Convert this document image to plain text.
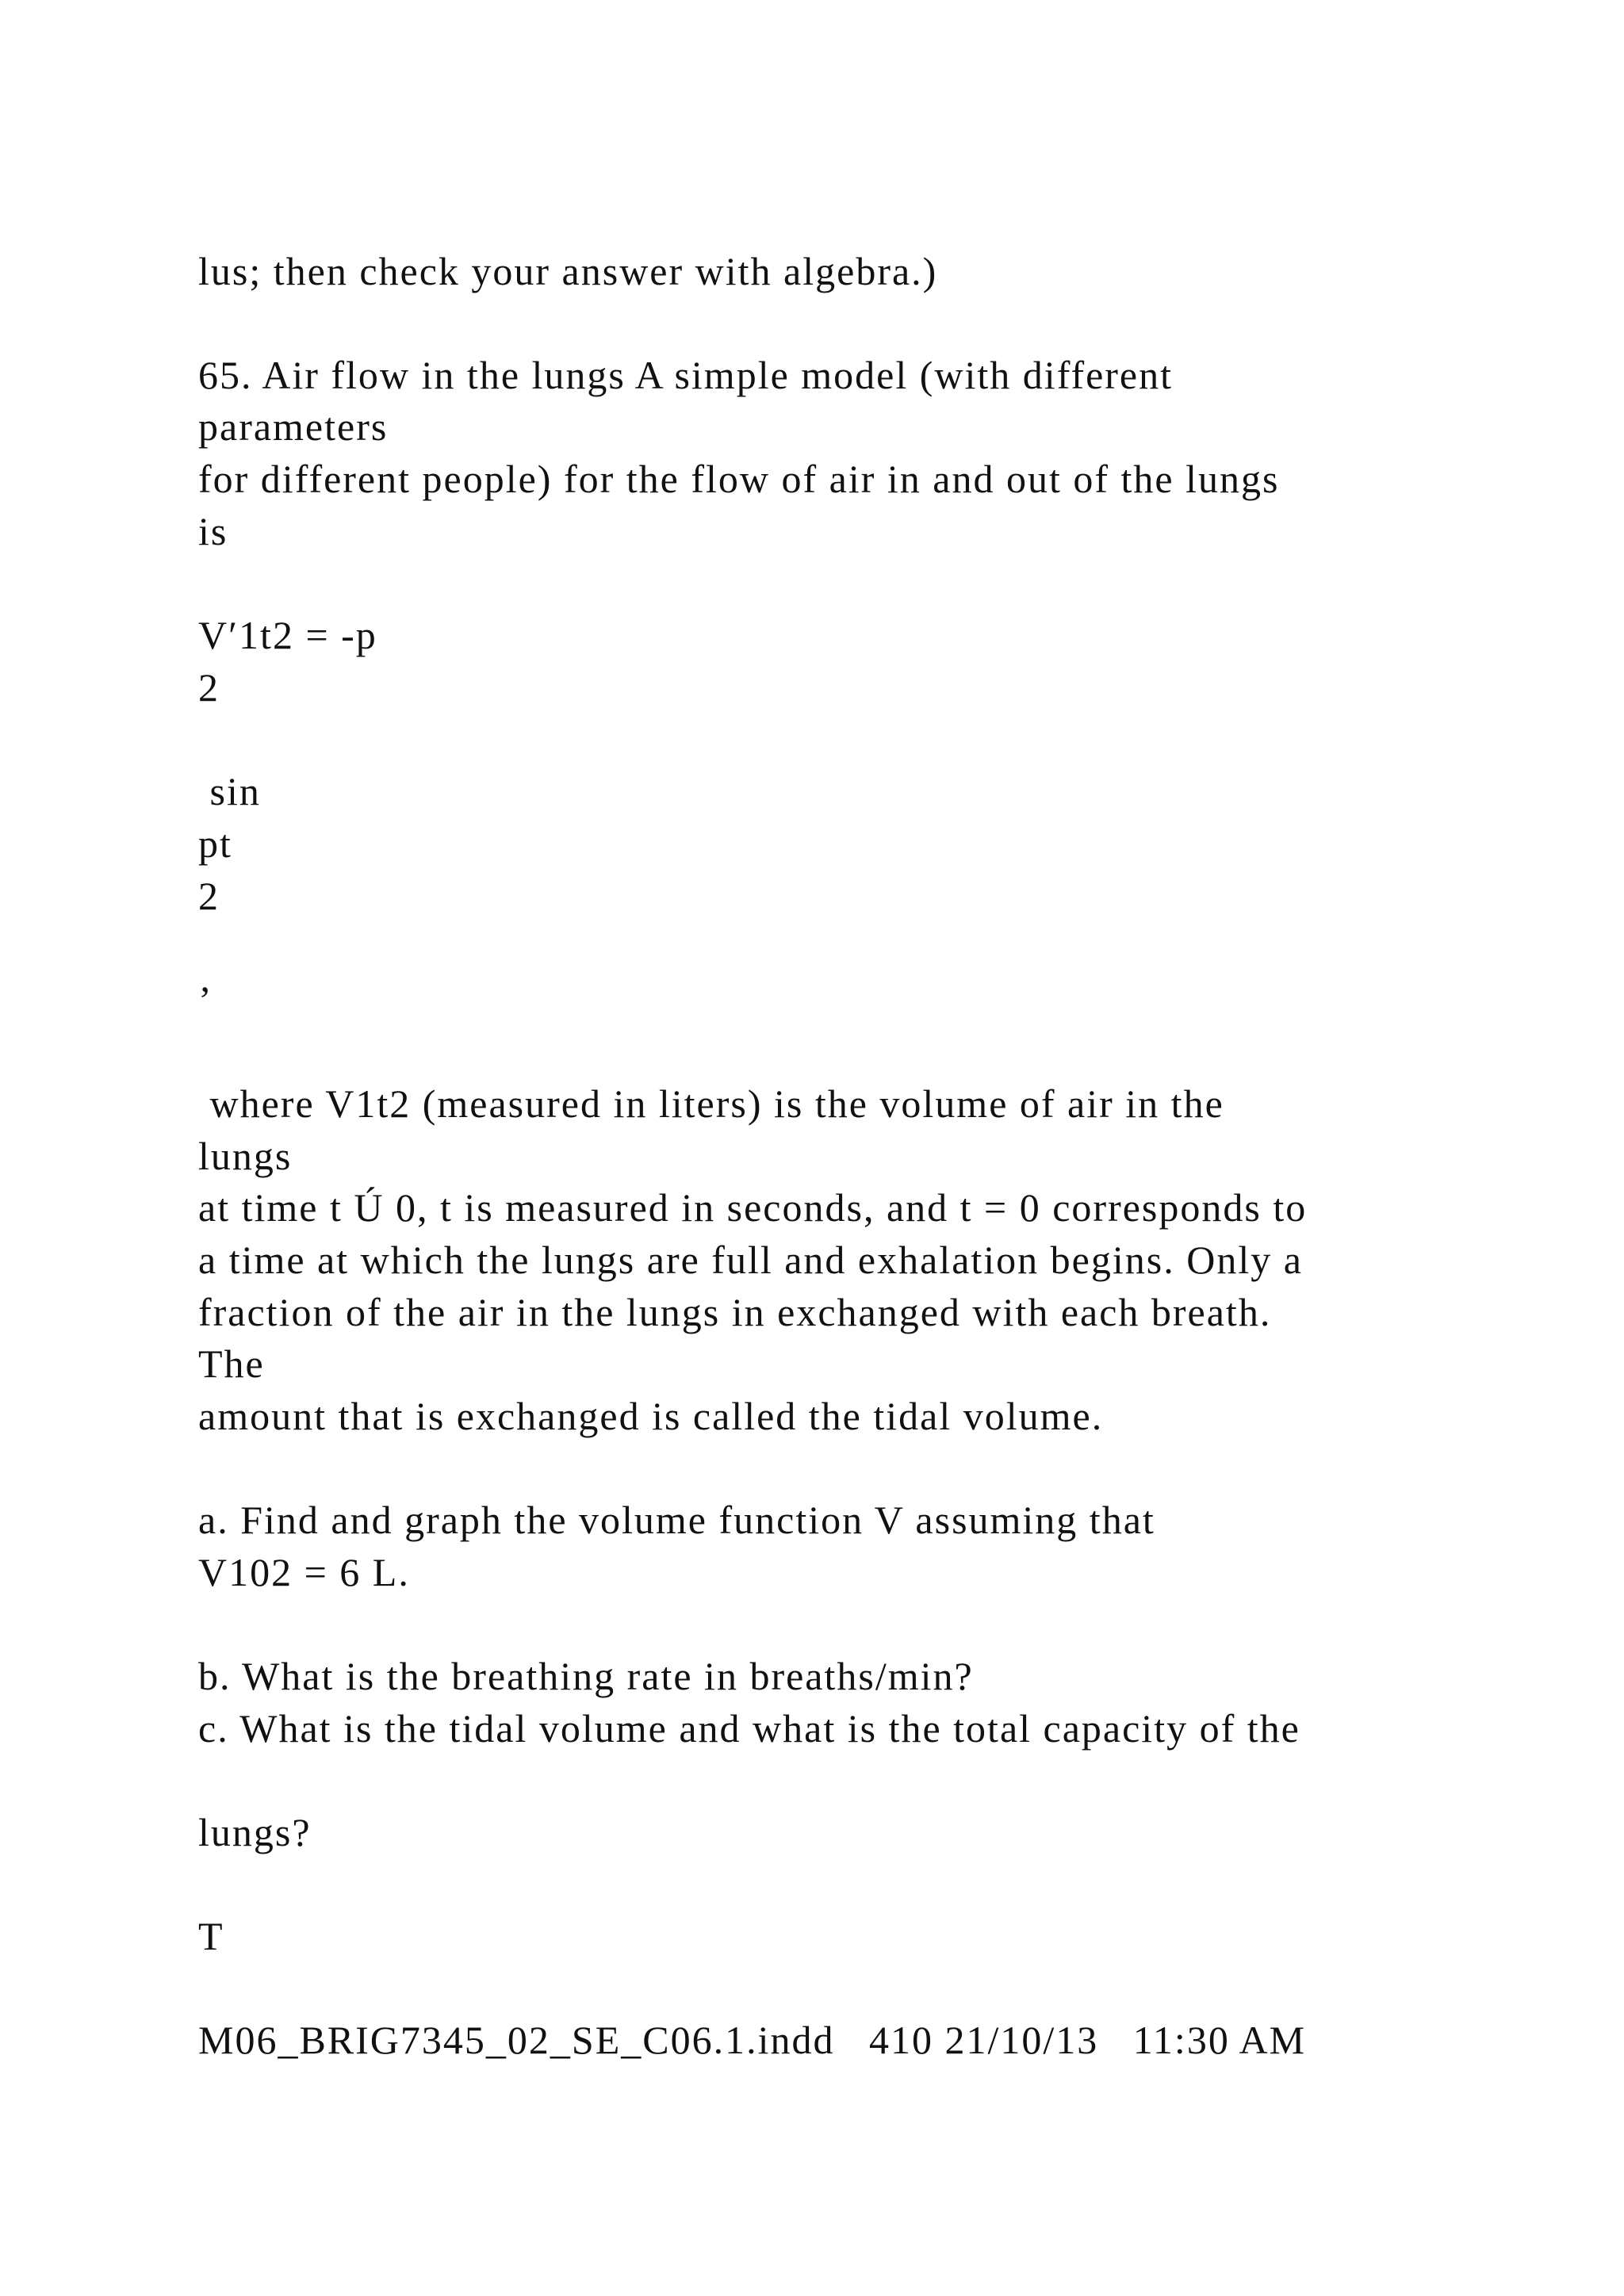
lus; then check your answer with algebra.)
65. Air flow in the lungs A simple model (with different
parameters
for different people) for the flow of air in and out of the lungs
is
V′1t2 = -p
2
sin
pt
2
’
where V1t2 (measured in liters) is the volume of air in the
lungs
at time t Ú 0, t is measured in seconds, and t = 0 corresponds to
a time at which the lungs are full and exhalation begins. Only a
fraction of the air in the lungs in exchanged with each breath.
The
amount that is exchanged is called the tidal volume.
a. Find and graph the volume function V assuming that
V102 = 6 L.
b. What is the breathing rate in breaths/min?
c. What is the tidal volume and what is the total capacity of the
lungs?
T
M06_BRIG7345_02_SE_C06.1.indd   410 21/10/13   11:30 AM
